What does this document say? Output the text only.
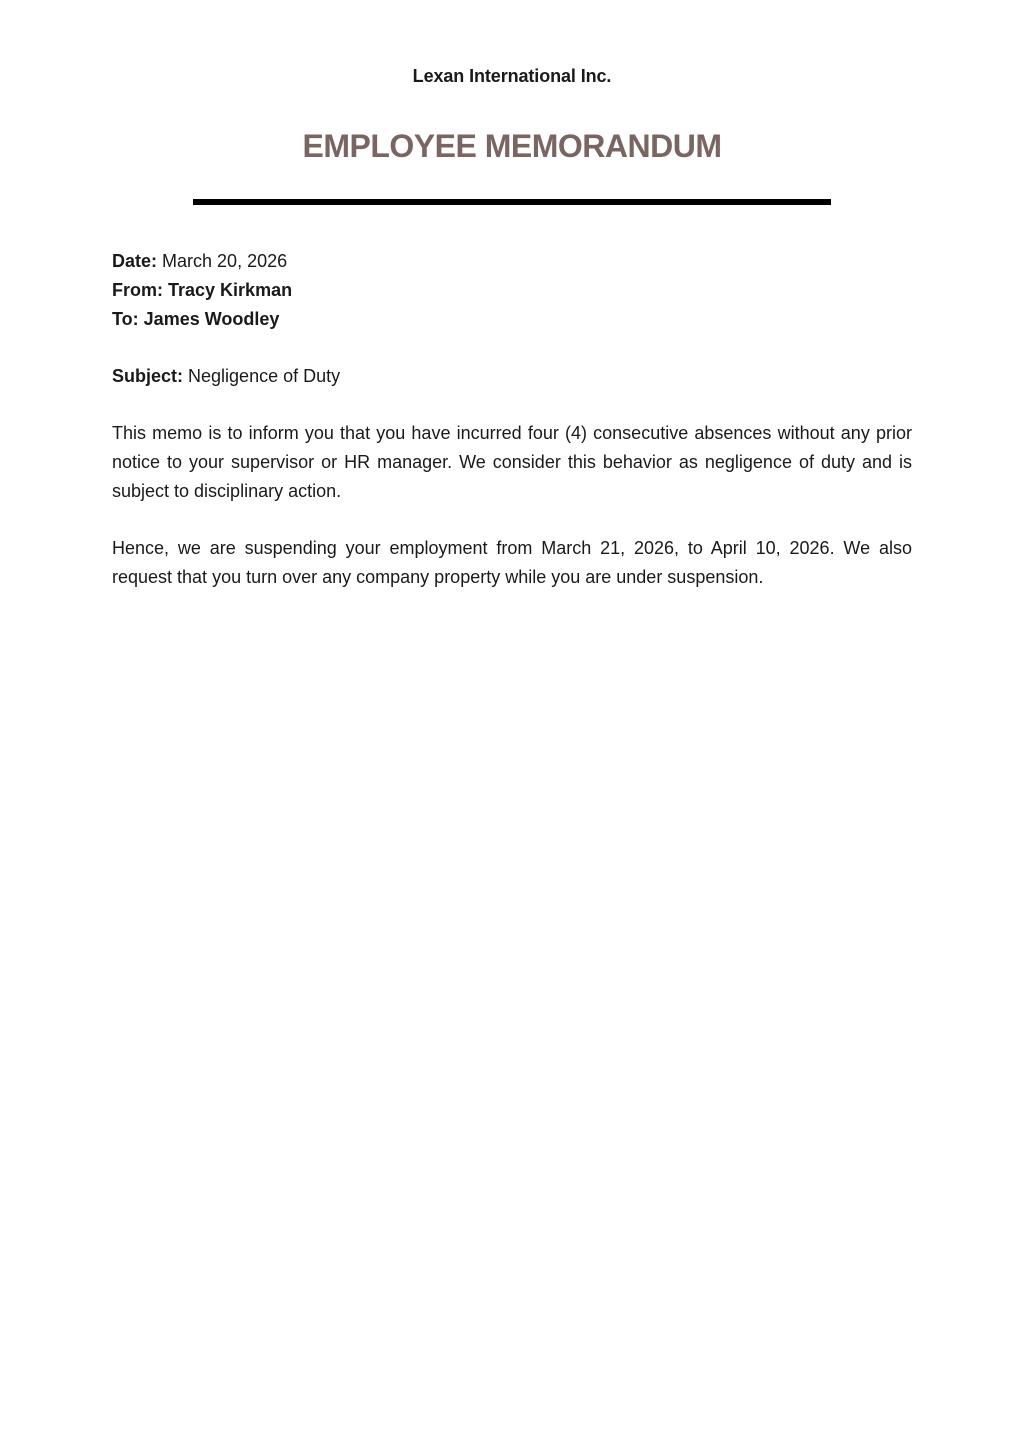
Lexan International Inc.
EMPLOYEE MEMORANDUM
Date: March 20, 2026
From: Tracy Kirkman
To: James Woodley
Subject: Negligence of Duty

This memo is to inform you that you have incurred four (4) consecutive absences without any prior notice to your supervisor or HR manager. We consider this behavior as negligence of duty and is subject to disciplinary action.

Hence, we are suspending your employment from March 21, 2026, to April 10, 2026. We also request that you turn over any company property while you are under suspension.
